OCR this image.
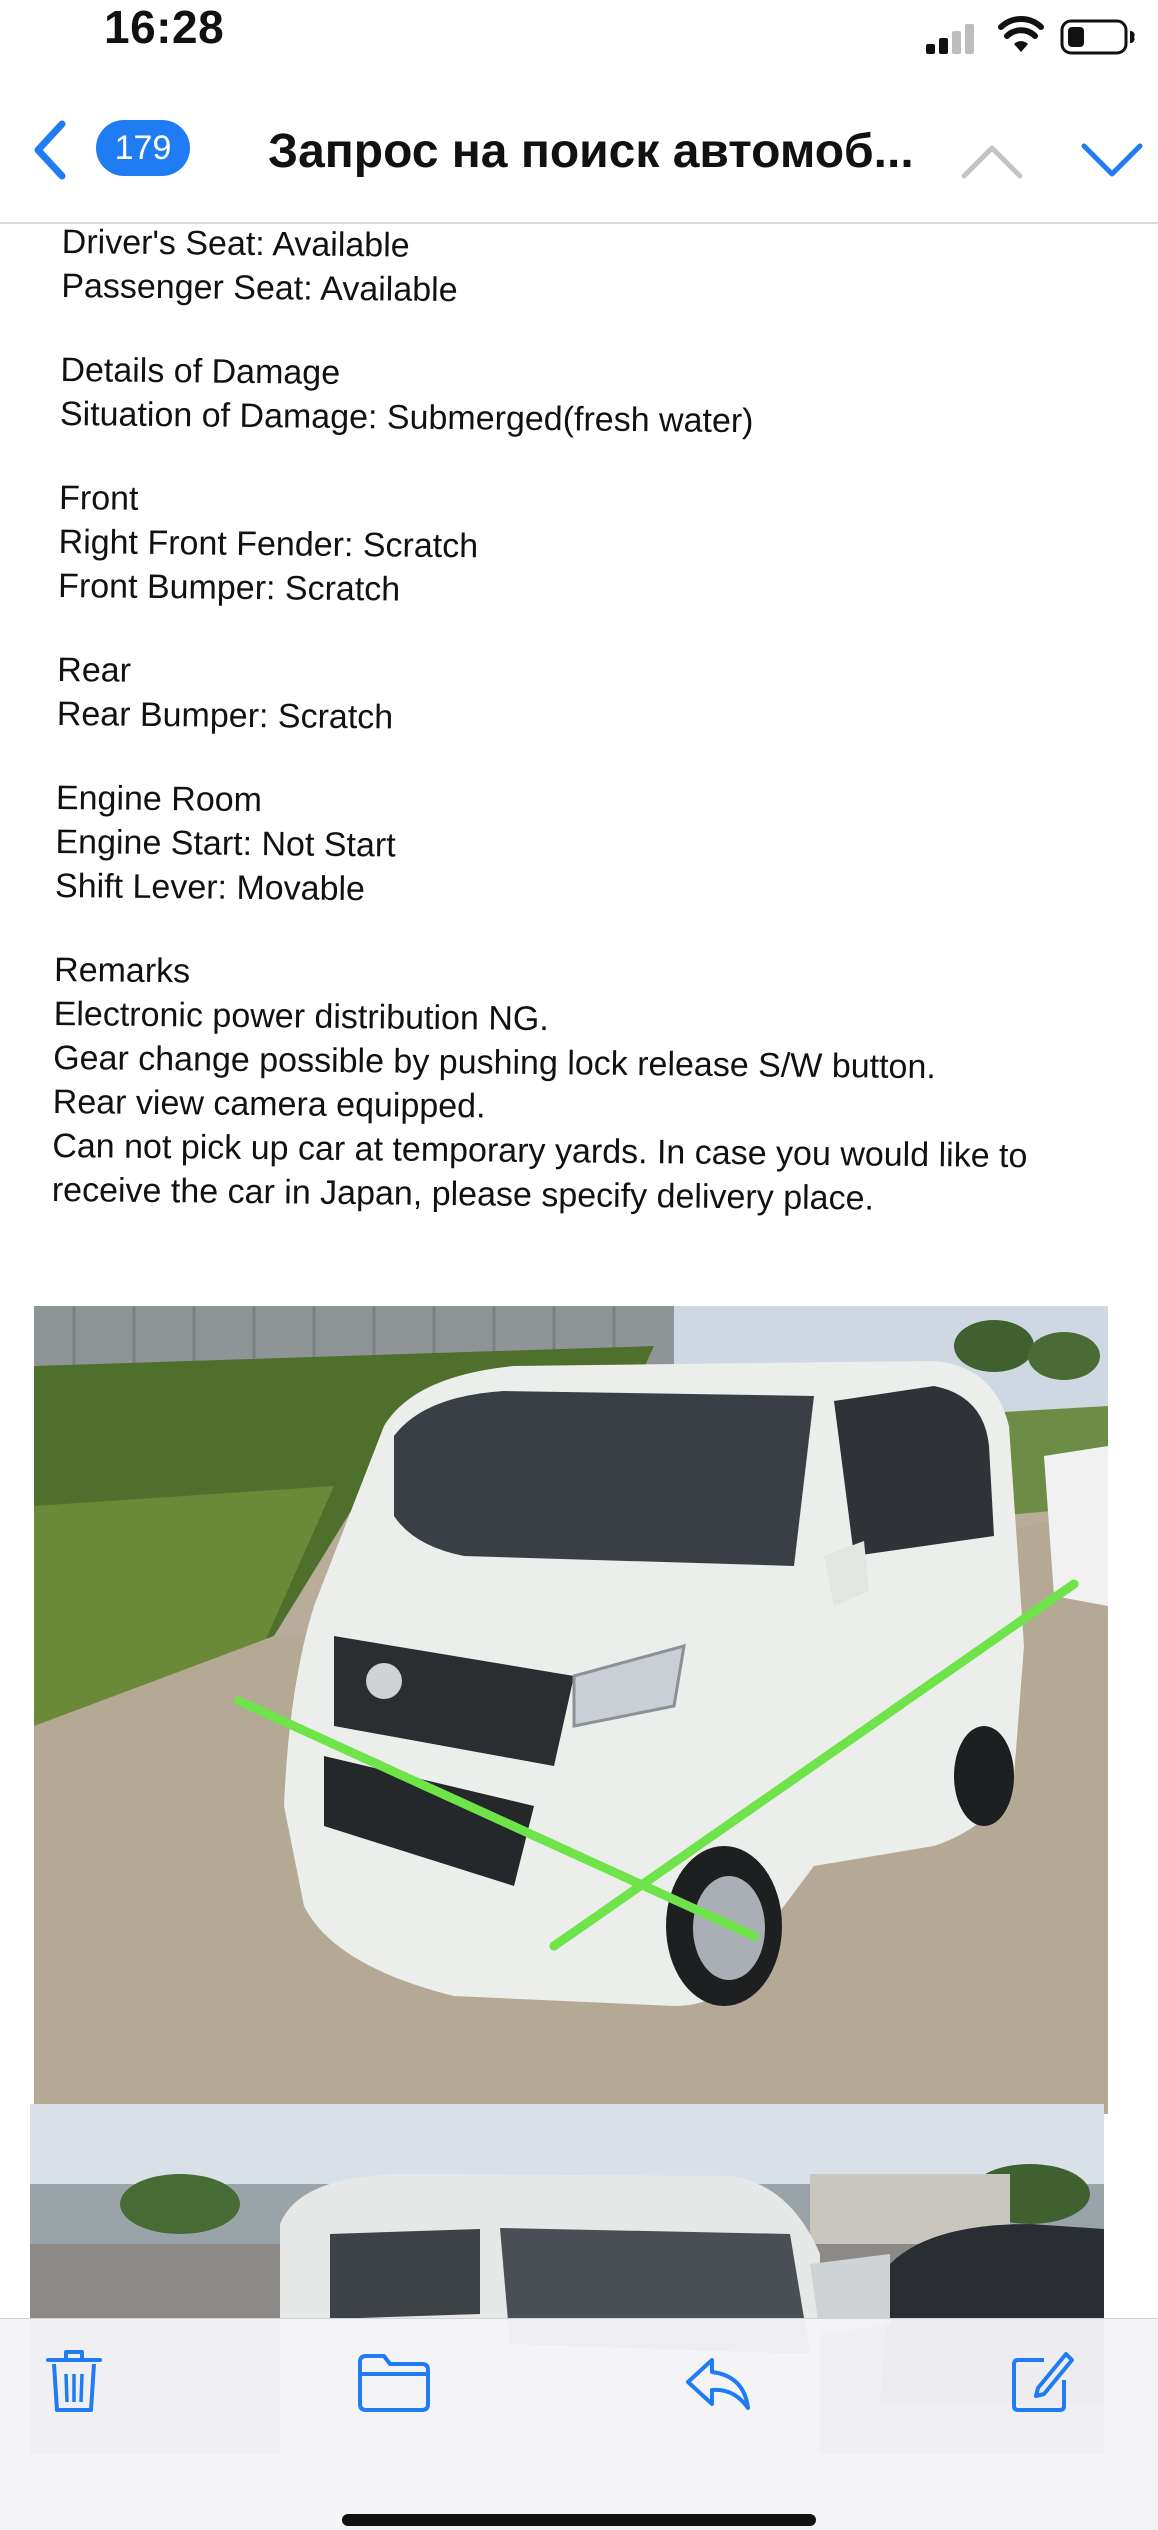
16:28
179	Запрос на поиск автомоб...
Driver's Seat: Available
Passenger Seat: Available
Details of Damage
Situation of Damage: Submerged(fresh water)
Front
Right Front Fender: Scratch
Front Bumper: Scratch
Rear
Rear Bumper: Scratch
Engine Room
Engine Start: Not Start
Shift Lever: Movable
Remarks
Electronic power distribution NG.
Gear change possible by pushing lock release S/W button.
Rear view camera equipped.
Can not pick up car at temporary yards. In case you would like to
receive the car in Japan, please specify delivery place.
